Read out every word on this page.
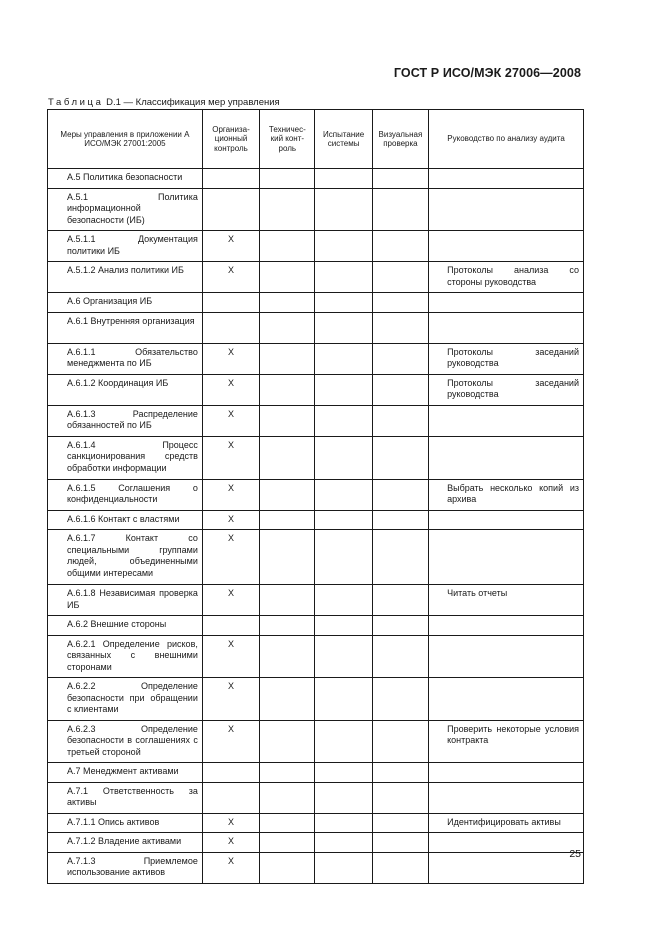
ГОСТ Р ИСО/МЭК 27006—2008
Таблица D.1 — Классификация мер управления
Меры управления в приложении А ИСО/МЭК 27001:2005	Организа-ционный контроль	Техничес-кий конт-роль	Испытание системы	Визуальная проверка	Руководство по анализу аудита

А.5 Политика безопасности					

А.5.1 Политика информационной безопасности (ИБ)					

А.5.1.1 Документация политики ИБ	X				

А.5.1.2 Анализ политики ИБ	X				Протоколы анализа со стороны руководства

А.6 Организация ИБ					

А.6.1 Внутренняя организация					

А.6.1.1 Обязательство менеджмента по ИБ	X				Протоколы заседаний руководства

А.6.1.2 Координация ИБ	X				Протоколы заседаний руководства

А.6.1.3 Распределение обязанностей по ИБ	X				

А.6.1.4 Процесс санкционирования средств обработки информации	X				

А.6.1.5 Соглашения о конфиденциальности	X				Выбрать несколько копий из архива

А.6.1.6 Контакт с властями	X				

А.6.1.7 Контакт со специальными группами людей, объединенными общими интересами	X				

А.6.1.8 Независимая проверка ИБ	X				Читать отчеты

А.6.2 Внешние стороны					

А.6.2.1 Определение рисков, связанных с внешними сторонами	X				

А.6.2.2 Определение безопасности при обращении с клиентами	X				

А.6.2.3 Определение безопасности в соглашениях с третьей стороной	X				Проверить некоторые условия контракта

А.7 Менеджмент активами					

А.7.1 Ответственность за активы					

А.7.1.1 Опись активов	X				Идентифицировать активы

А.7.1.2 Владение активами	X				

А.7.1.3 Приемлемое использование активов	X				

25
